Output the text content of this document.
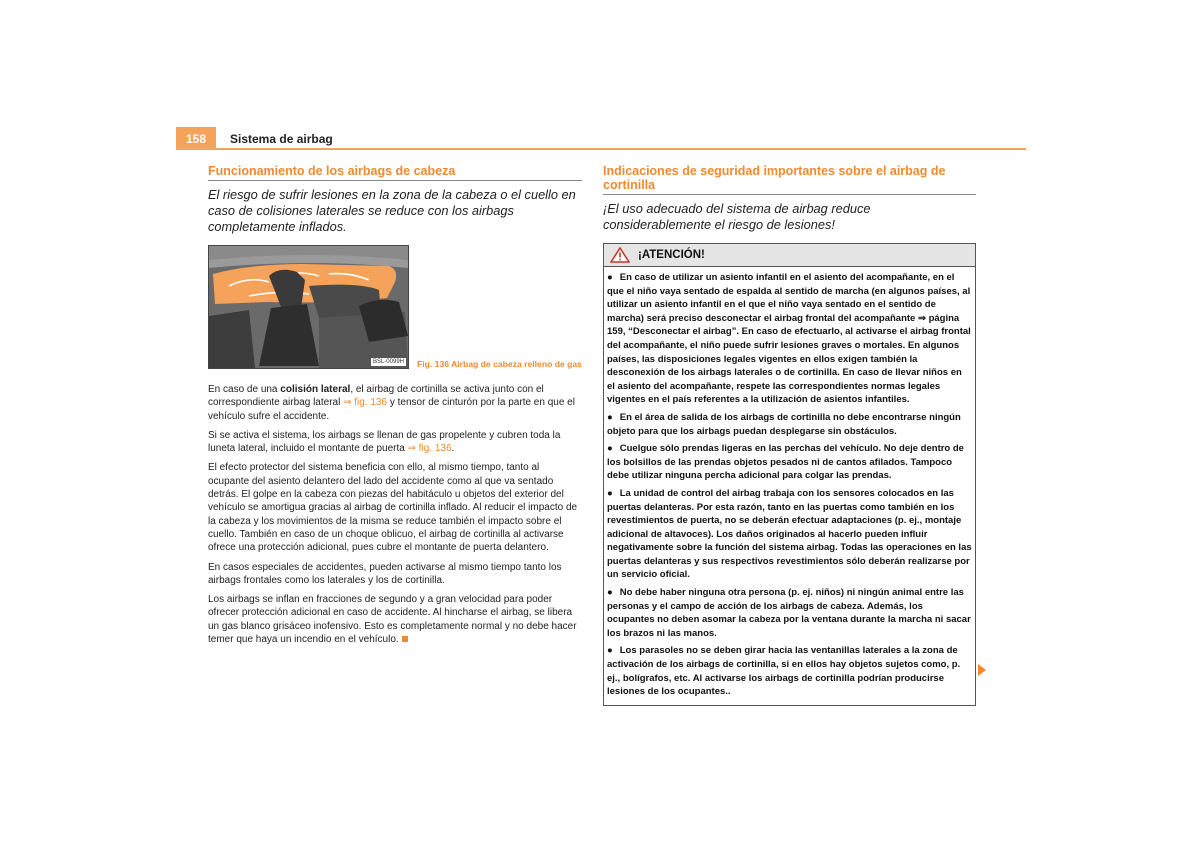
158	Sistema de airbag
Funcionamiento de los airbags de cabeza

El riesgo de sufrir lesiones en la zona de la cabeza o el cuello en caso de colisiones laterales se reduce con los airbags completamente inflados.

BSL-0099H Fig. 136 Airbag de cabeza relleno de gas

En caso de una colisión lateral, el airbag de cortinilla se activa junto con el correspondiente airbag lateral ⇒ fig. 136 y tensor de cinturón por la parte en que el vehículo sufre el accidente.

Si se activa el sistema, los airbags se llenan de gas propelente y cubren toda la luneta lateral, incluido el montante de puerta ⇒ fig. 136.

El efecto protector del sistema beneficia con ello, al mismo tiempo, tanto al ocupante del asiento delantero del lado del accidente como al que va sentado detrás. El golpe en la cabeza con piezas del habitáculo u objetos del exterior del vehículo se amortigua gracias al airbag de cortinilla inflado. Al reducir el impacto de la cabeza y los movimientos de la misma se reduce también el impacto sobre el cuello. También en caso de un choque oblicuo, el airbag de cortinilla al activarse ofrece una protección adicional, pues cubre el montante de puerta delantero.

En casos especiales de accidentes, pueden activarse al mismo tiempo tanto los airbags frontales como los laterales y los de cortinilla.

Los airbags se inflan en fracciones de segundo y a gran velocidad para poder ofrecer protección adicional en caso de accidente. Al hincharse el airbag, se libera un gas blanco grisáceo inofensivo. Esto es completamente normal y no debe hacer temer que haya un incendio en el vehículo.

Indicaciones de seguridad importantes sobre el airbag de cortinilla

¡El uso adecuado del sistema de airbag reduce considerablemente el riesgo de lesiones!

¡ATENCIÓN!

● En caso de utilizar un asiento infantil en el asiento del acompañante, en el que el niño vaya sentado de espalda al sentido de marcha (en algunos países, al utilizar un asiento infantil en el que el niño vaya sentado en el sentido de marcha) será preciso desconectar el airbag frontal del acompañante ⇒ página 159, “Desconectar el airbag”. En caso de efectuarlo, al activarse el airbag frontal del acompañante, el niño puede sufrir lesiones graves o mortales. En algunos países, las disposiciones legales vigentes en ellos exigen también la desconexión de los airbags laterales o de cortinilla. En caso de llevar niños en el asiento del acompañante, respete las correspondientes normas legales vigentes en el país referentes a la utilización de asientos infantiles.

● En el área de salida de los airbags de cortinilla no debe encontrarse ningún objeto para que los airbags puedan desplegarse sin obstáculos.

● Cuelgue sólo prendas ligeras en las perchas del vehículo. No deje dentro de los bolsillos de las prendas objetos pesados ni de cantos afilados. Tampoco debe utilizar ninguna percha adicional para colgar las prendas.

● La unidad de control del airbag trabaja con los sensores colocados en las puertas delanteras. Por esta razón, tanto en las puertas como también en los revestimientos de puerta, no se deberán efectuar adaptaciones (p. ej., montaje adicional de altavoces). Los daños originados al hacerlo pueden influir negativamente sobre la función del sistema airbag. Todas las operaciones en las puertas delanteras y sus respectivos revestimientos sólo deberán realizarse por un servicio oficial.

● No debe haber ninguna otra persona (p. ej. niños) ni ningún animal entre las personas y el campo de acción de los airbags de cabeza. Además, los ocupantes no deben asomar la cabeza por la ventana durante la marcha ni sacar los brazos ni las manos.

● Los parasoles no se deben girar hacia las ventanillas laterales a la zona de activación de los airbags de cortinilla, si en ellos hay objetos sujetos como, p. ej., bolígrafos, etc. Al activarse los airbags de cortinilla podrían producirse lesiones de los ocupantes..
